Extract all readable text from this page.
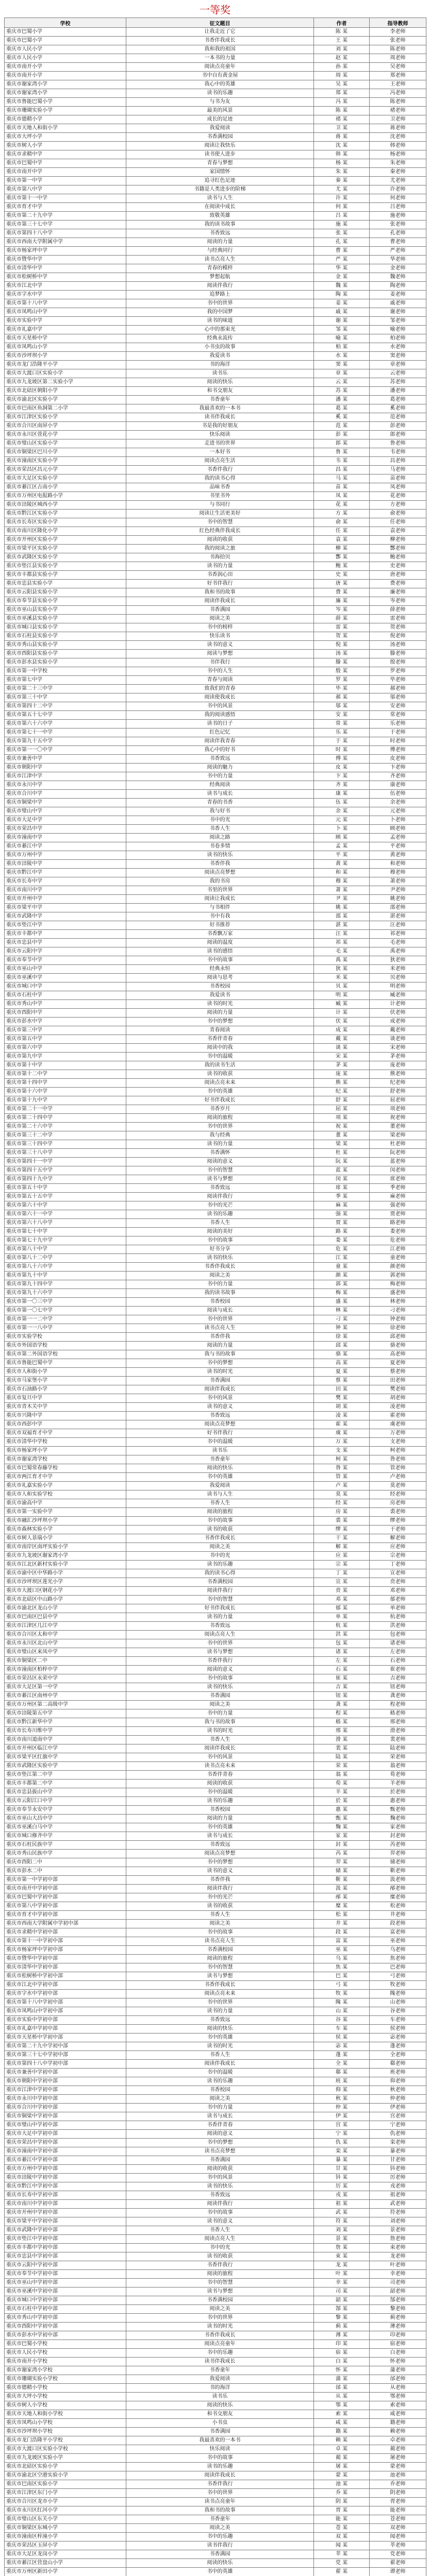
一等奖
学校	征文题目	作者	指导教师
重庆市巴蜀小学	让我走近了它	陈 某	李老师
重庆市巴蜀小学	书香伴我成长	王 某	张老师
重庆市人民小学	我和我的祖国	刘 某	陈老师
重庆市人民小学	一本书的力量	赵 某	周老师
重庆市南开小学	阅读点亮童年	孙 某	吴老师
重庆市南开小学	书中自有黄金屋	周 某	郑老师
重庆市谢家湾小学	我心中的英雄	吴 某	王老师
重庆市谢家湾小学	读书的乐趣	郑 某	冯老师
重庆市鲁能巴蜀小学	与书为友	冯 某	陈老师
重庆市珊瑚实验小学	最美的风景	陈 某	褚老师
重庆市德精小学	成长的足迹	褚 某	卫老师
重庆市天地人和街小学	我爱阅读	卫 某	蒋老师
重庆市大坪小学	书香满校园	蒋 某	沈老师
重庆市树人小学	阅读让我快乐	沈 某	韩老师
重庆市求精中学	读书使人进步	韩 某	杨老师
重庆市巴蜀中学	青春与梦想	杨 某	朱老师
重庆市南开中学	家国情怀	朱 某	秦老师
重庆市第一中学	追寻红色足迹	秦 某	尤老师
重庆市第八中学	书籍是人类进步的阶梯	尤 某	许老师
重庆市第十一中学	读书与人生	许 某	何老师
重庆市育才中学	在阅读中成长	何 某	吕老师
重庆市第二十九中学	致敬英雄	吕 某	施老师
重庆市第三十七中学	我的读书故事	施 某	张老师
重庆市第四十八中学	书香致远	张 某	孔老师
重庆市西南大学附属中学	阅读的力量	孔 某	曹老师
重庆市杨家坪中学	与经典同行	曹 某	严老师
重庆市暨华中学	读书点亮人生	严 某	华老师
重庆市清华中学	青春的模样	华 某	金老师
重庆市松树桥中学	梦想起航	金 某	魏老师
重庆市江北中学	阅读伴我行	魏 某	陶老师
重庆市字水中学	追梦路上	陶 某	姜老师
重庆市第十八中学	书中的世界	姜 某	戚老师
重庆市凤鸣山中学	我的中国梦	戚 某	谢老师
重庆市实验中学	读书的味道	谢 某	邹老师
重庆市礼嘉中学	心中的那束光	邹 某	喻老师
重庆市天星桥中学	经典永流传	喻 某	柏老师
重庆市凤鸣山小学	小书虫的故事	柏 某	水老师
重庆市沙坪坝小学	我爱读书	水 某	窦老师
重庆市龙门浩隆平小学	书的海洋	窦 某	章老师
重庆市大渡口区实验小学	读书乐	章 某	云老师
重庆市九龙坡区第二实验小学	阅读的快乐	云 某	苏老师
重庆市北碚区朝阳小学	和书交朋友	苏 某	潘老师
重庆市渝北区实验小学	书香童年	潘 某	葛老师
重庆市巴南区鱼洞第二小学	我最喜欢的一本书	葛 某	奚老师
重庆市江津区实验小学	读书伴我成长	奚 某	范老师
重庆市合川区南屏小学	书是我的好朋友	范 某	彭老师
重庆市永川区萱花小学	快乐阅读	彭 某	郎老师
重庆市璧山区实验小学	走进书的世界	郎 某	鲁老师
重庆市铜梁区巴川小学	一本好书	鲁 某	韦老师
重庆市潼南区实验小学	阅读点亮生活	韦 某	昌老师
重庆市荣昌区昌元小学	书香伴我行	昌 某	马老师
重庆市大足区实验小学	我的读书心得	马 某	苗老师
重庆市綦江区古南小学	品味书香	苗 某	凤老师
重庆市万州区电报路小学	书里书外	凤 某	花老师
重庆市涪陵区城西小学	与书同行	花 某	方老师
重庆市黔江区实验小学	阅读让生活更美好	方 某	俞老师
重庆市长寿区实验小学	书中的智慧	俞 某	任老师
重庆市南川区隆化小学	红色经典伴我成长	任 某	袁老师
重庆市开州区实验小学	阅读的收获	袁 某	柳老师
重庆市梁平区实验小学	我的阅读之旅	柳 某	酆老师
重庆市武隆区实验小学	书海拾贝	酆 某	鲍老师
重庆市垫江县实验小学	读书的力量	鲍 某	史老师
重庆市丰都县实验小学	书香润心田	史 某	唐老师
重庆市忠县实验小学	好书伴我行	唐 某	费老师
重庆市云阳县实验小学	我和书的故事	费 某	廉老师
重庆市奉节县实验小学	阅读伴我成长	廉 某	岑老师
重庆市巫山县实验小学	书香满园	岑 某	薛老师
重庆市巫溪县实验小学	阅读之美	薛 某	雷老师
重庆市城口县实验小学	书中的榜样	雷 某	贺老师
重庆市石柱县实验小学	快乐读书	贺 某	倪老师
重庆市秀山县实验小学	读书的意义	倪 某	汤老师
重庆市酉阳县实验小学	阅读与梦想	汤 某	滕老师
重庆市彭水县实验小学	书伴我行	滕 某	殷老师
重庆市第一中学校	书中的人生	殷 某	罗老师
重庆市第七中学	青春与阅读	罗 某	毕老师
重庆市第二十三中学	致我们的青春	毕 某	郝老师
重庆市第三十中学	阅读使我成长	郝 某	邬老师
重庆市第四十二中学	书中的风景	邬 某	安老师
重庆市第五十七中学	我的阅读感悟	安 某	常老师
重庆市第六十六中学	读书的日子	常 某	乐老师
重庆市第七十一中学	红色记忆	乐 某	于老师
重庆市第九十五中学	阅读伴我青春	于 某	时老师
重庆市第一一〇中学	我心中的好书	时 某	傅老师
重庆市兼善中学	书香致远	傅 某	皮老师
重庆市朝阳中学	阅读的魅力	皮 某	卞老师
重庆市江津中学	书中的力量	卞 某	齐老师
重庆市永川中学	经典阅读	齐 某	康老师
重庆市合川中学	读书与成长	康 某	伍老师
重庆市铜梁中学	青春的书香	伍 某	余老师
重庆市璧山中学	我与好书	余 某	元老师
重庆市大足中学	书中的光	元 某	卜老师
重庆市荣昌中学	书香人生	卜 某	顾老师
重庆市潼南中学	阅读之路	顾 某	孟老师
重庆市綦江中学	书卷多情	孟 某	平老师
重庆市万州中学	读书的快乐	平 某	黄老师
重庆市涪陵中学	书香伴我	黄 某	和老师
重庆市黔江中学	阅读点亮梦想	和 某	穆老师
重庆市长寿中学	我的书房	穆 某	萧老师
重庆市南川中学	书里的世界	萧 某	尹老师
重庆市开州中学	阅读让我成长	尹 某	姚老师
重庆市梁平中学	与书相伴	姚 某	邵老师
重庆市武隆中学	书中有我	邵 某	湛老师
重庆市垫江中学	好书推荐	湛 某	汪老师
重庆市丰都中学	书香飘万家	汪 某	祁老师
重庆市忠县中学	阅读的温度	祁 某	毛老师
重庆市云阳中学	读书的感悟	毛 某	禹老师
重庆市奉节中学	书中的故事	禹 某	狄老师
重庆市巫山中学	经典永恒	狄 某	米老师
重庆市巫溪中学	阅读与思考	米 某	贝老师
重庆市城口中学	书香校园	贝 某	明老师
重庆市石柱中学	我爱读书	明 某	臧老师
重庆市秀山中学	读书的时光	臧 某	计老师
重庆市酉阳中学	阅读的力量	计 某	伏老师
重庆市彭水中学	书中的梦想	伏 某	成老师
重庆市第三中学	青春阅读	成 某	戴老师
重庆市第五中学	书香伴青春	戴 某	谈老师
重庆市第六中学	阅读中的我	谈 某	宋老师
重庆市第九中学	书中的温暖	宋 某	茅老师
重庆市第十中学	我的读书生活	茅 某	庞老师
重庆市第十二中学	读书的收获	庞 某	熊老师
重庆市第十四中学	阅读点亮未来	熊 某	纪老师
重庆市第十六中学	书中的英雄	纪 某	舒老师
重庆市第十九中学	好书伴我成长	舒 某	屈老师
重庆市第二十一中学	书香岁月	屈 某	项老师
重庆市第二十四中学	阅读的旅程	项 某	祝老师
重庆市第二十六中学	书中的世界	祝 某	董老师
重庆市第三十二中学	我与经典	董 某	梁老师
重庆市第三十四中学	读书的力量	梁 某	杜老师
重庆市第三十八中学	书香满怀	杜 某	阮老师
重庆市第四十一中学	阅读的意义	阮 某	蓝老师
重庆市第四十五中学	书中的智慧	蓝 某	闵老师
重庆市第四十九中学	读书与梦想	闵 某	席老师
重庆市第五十中学	书香致远	席 某	季老师
重庆市第五十五中学	阅读伴我行	季 某	麻老师
重庆市第六十中学	书中的光芒	麻 某	强老师
重庆市第六十一中学	读书的乐趣	强 某	贾老师
重庆市第六十八中学	书香人生	贾 某	路老师
重庆市第七十中学	阅读的美好	路 某	娄老师
重庆市第七十九中学	书中的故事	娄 某	危老师
重庆市第八十中学	好书分享	危 某	江老师
重庆市第八十二中学	读书的快乐	江 某	童老师
重庆市第八十六中学	书香伴我成长	童 某	颜老师
重庆市第九十中学	阅读之美	颜 某	郭老师
重庆市第九十四中学	书中的力量	郭 某	梅老师
重庆市第九十六中学	我的读书故事	梅 某	盛老师
重庆市第一〇三中学	书香校园	盛 某	林老师
重庆市第一〇七中学	阅读与成长	林 某	刁老师
重庆市第一一二中学	书中的世界	刁 某	钟老师
重庆市第一一八中学	读书点亮人生	钟 某	徐老师
重庆市实验学校	书香伴我	徐 某	邱老师
重庆市外国语学校	阅读的力量	邱 某	骆老师
重庆市第二外国语学校	我与书的故事	骆 某	高老师
重庆市鲁能巴蜀中学	书中的梦想	高 某	夏老师
重庆市人和街小学	读书的时光	夏 某	蔡老师
重庆市马家堡小学	书香满园	蔡 某	田老师
重庆市石油路小学	阅读伴我成长	田 某	樊老师
重庆市复旦中学	书中的风景	樊 某	胡老师
重庆市青木关中学	读书的意义	胡 某	凌老师
重庆市兴隆中学	书香致远	凌 某	霍老师
重庆市西彭中学	阅读点亮梦想	霍 某	虞老师
重庆市双福育才中学	好书伴我行	虞 某	万老师
重庆市清华中学校	书中的温暖	万 某	支老师
重庆市杨家坪小学	读书乐	支 某	柯老师
重庆市谢家湾学校	书香童年	柯 某	昝老师
重庆市巴蜀常春藤学校	阅读的快乐	昝 某	管老师
重庆市两江育才中学	书中的英雄	管 某	卢老师
重庆市礼嘉实验小学	我爱阅读	卢 某	莫老师
重庆市人和实验学校	读书与人生	莫 某	经老师
重庆市渝高中学	书香人生	经 某	房老师
重庆市第一实验中学	阅读的旅程	房 某	裘老师
重庆市融汇沙坪坝小学	书中的故事	裘 某	缪老师
重庆市森林实验小学	读书的收获	缪 某	干老师
重庆市树人景瑞小学	书香伴我成长	干 某	解老师
重庆市南岸区南坪实验小学	阅读之美	解 某	应老师
重庆市九龙坡区谢家湾小学	书中的光	应 某	宗老师
重庆市江北区新村实验小学	读书的乐趣	宗 某	丁老师
重庆市渝中区中华路小学	我的读书心得	丁 某	宣老师
重庆市沙坪坝区莲光小学	书香满校园	宣 某	贲老师
重庆市大渡口区钢花小学	阅读伴我行	贲 某	邓老师
重庆市北碚区中山路小学	书中的智慧	邓 某	郁老师
重庆市渝北区龙山小学	好书伴我成长	郁 某	单老师
重庆市巴南区巴县中学	读书的力量	单 某	杭老师
重庆市江津区几江中学	书香致远	杭 某	洪老师
重庆市合川区太和中学	阅读点亮人生	洪 某	包老师
重庆市永川区北山中学	书中的世界	包 某	诸老师
重庆市璧山区来凤中学	读书与梦想	诸 某	左老师
重庆市铜梁区二中	书香伴我行	左 某	石老师
重庆市潼南区柏梓中学	阅读的意义	石 某	崔老师
重庆市荣昌区永荣中学	书中的故事	崔 某	吉老师
重庆市大足区第一中学	读书的快乐	吉 某	钮老师
重庆市綦江区南州中学	书香满园	钮 某	龚老师
重庆市万州区第二高级中学	阅读之美	龚 某	程老师
重庆市涪陵第五中学	书中的力量	程 某	嵇老师
重庆市黔江新华中学	我与书的故事	嵇 某	邢老师
重庆市长寿川维中学	读书的时光	邢 某	滑老师
重庆市南川道南中学	书香人生	滑 某	裴老师
重庆市开州区临江中学	阅读伴我成长	裴 某	陆老师
重庆市梁平区红旗中学	书中的风景	陆 某	荣老师
重庆市武隆区实验中学	读书点亮未来	荣 某	翁老师
重庆市垫江第二中学	书香伴青春	翁 某	荀老师
重庆市丰都第二中学	阅读的收获	荀 某	羊老师
重庆市忠县拔山中学	书中的温暖	羊 某	於老师
重庆市云阳江口中学	读书的乐趣	於 某	惠老师
重庆市奉节永安中学	书香校园	惠 某	甄老师
重庆市巫山大昌中学	阅读的力量	甄 某	麴老师
重庆市巫溪白马中学	书中的英雄	麴 某	家老师
重庆市城口修齐中学	读书与成长	家 某	封老师
重庆市石柱民族中学	书香致远	封 某	芮老师
重庆市秀山民族中学	阅读点亮梦想	芮 某	羿老师
重庆市酉阳二中	书中的梦想	羿 某	储老师
重庆市彭水二中	读书的意义	储 某	靳老师
重庆市第一中学初中部	书香伴我	靳 某	汲老师
重庆市南开中学初中部	阅读伴我行	汲 某	邴老师
重庆市巴蜀中学初中部	书中的光芒	邴 某	糜老师
重庆市第八中学初中部	读书的收获	糜 某	松老师
重庆市育才中学初中部	书香人生	松 某	井老师
重庆市西南大学附属中学初中部	阅读之美	井 某	段老师
重庆市求精中学初中部	书中的故事	段 某	富老师
重庆市第十一中学初中部	读书点亮人生	富 某	巫老师
重庆市杨家坪中学初中部	书香满校园	巫 某	乌老师
重庆市暨华中学初中部	阅读的旅程	乌 某	焦老师
重庆市清华中学初中部	书中的智慧	焦 某	巴老师
重庆市松树桥中学初中部	读书与梦想	巴 某	弓老师
重庆市江北中学初中部	书香伴我成长	弓 某	牧老师
重庆市字水中学初中部	阅读点亮未来	牧 某	隗老师
重庆市第十八中学初中部	书中的世界	隗 某	山老师
重庆市凤鸣山中学初中部	读书的力量	山 某	谷老师
重庆市实验中学初中部	书香致远	谷 某	车老师
重庆市礼嘉中学初中部	阅读的快乐	车 某	侯老师
重庆市天星桥中学初中部	书中的英雄	侯 某	宓老师
重庆市第二十九中学初中部	读书的时光	宓 某	蓬老师
重庆市第三十七中学初中部	书香人生	蓬 某	全老师
重庆市第四十八中学初中部	阅读伴我成长	全 某	郗老师
重庆市兼善中学初中部	书中的温暖	郗 某	班老师
重庆市朝阳中学初中部	读书的乐趣	班 某	仰老师
重庆市江津中学初中部	书香校园	仰 某	秋老师
重庆市永川中学初中部	阅读之美	秋 某	仲老师
重庆市合川中学初中部	书中的力量	仲 某	伊老师
重庆市铜梁中学初中部	读书与成长	伊 某	宫老师
重庆市璧山中学初中部	书香伴青春	宫 某	宁老师
重庆市大足中学初中部	阅读的意义	宁 某	仇老师
重庆市荣昌中学初中部	书中的梦想	仇 某	栾老师
重庆市潼南中学初中部	读书点亮梦想	栾 某	暴老师
重庆市綦江中学初中部	书香满园	暴 某	甘老师
重庆市万州中学初中部	阅读的收获	甘 某	钭老师
重庆市涪陵中学初中部	书中的风景	钭 某	厉老师
重庆市黔江中学初中部	读书的快乐	厉 某	戎老师
重庆市长寿中学初中部	书香致远	戎 某	祖老师
重庆市南川中学初中部	阅读伴我行	祖 某	武老师
重庆市开州中学初中部	书中的故事	武 某	符老师
重庆市梁平中学初中部	读书的意义	符 某	刘老师
重庆市武隆中学初中部	书香人生	刘 某	景老师
重庆市垫江中学初中部	阅读点亮人生	景 某	詹老师
重庆市丰都中学初中部	书中的光	詹 某	束老师
重庆市忠县中学初中部	读书的收获	束 某	龙老师
重庆市云阳中学初中部	书香伴我行	龙 某	叶老师
重庆市奉节中学初中部	阅读的旅程	叶 某	幸老师
重庆市巫山中学初中部	书中的智慧	幸 某	司老师
重庆市巫溪中学初中部	读书与梦想	司 某	韶老师
重庆市城口中学初中部	书香满校园	韶 某	郜老师
重庆市石柱中学初中部	阅读之美	郜 某	黎老师
重庆市秀山中学初中部	书中的世界	黎 某	蓟老师
重庆市酉阳中学初中部	读书的时光	蓟 某	薄老师
重庆市彭水中学初中部	书香伴我成长	薄 某	印老师
重庆市巴蜀小学校	阅读点亮童年	印 某	宿老师
重庆市人民小学校	书中的乐趣	宿 某	白老师
重庆市南开小学校	读书伴我成长	白 某	怀老师
重庆市谢家湾小学校	书香童年	怀 某	蒲老师
重庆市珊瑚实验小学校	我爱阅读	蒲 某	邰老师
重庆市德精小学校	书的海洋	邰 某	从老师
重庆市大坪小学校	读书乐	从 某	鄂老师
重庆市树人小学校	阅读的快乐	鄂 某	索老师
重庆市天地人和街小学校	和书交朋友	索 某	咸老师
重庆市凤鸣山小学校	小书虫	咸 某	籍老师
重庆市沙坪坝小学校	书香满园	籍 某	赖老师
重庆市龙门浩隆平小学校	我最喜欢的一本书	赖 某	卓老师
重庆市大渡口区实验小学校	快乐阅读	卓 某	蔺老师
重庆市九龙坡区实验小学	书中的故事	蔺 某	屠老师
重庆市北碚区实验小学	读书的乐趣	屠 某	蒙老师
重庆市渝北区空港实验小学	阅读伴我成长	蒙 某	池老师
重庆市巴南区实验小学	书香伴我行	池 某	乔老师
重庆市江津区东门小学	书中的世界	乔 某	阴老师
重庆市合川区龙市小学	读书点亮童年	阴 某	胥老师
重庆市永川区红河小学	我和书的故事	胥 某	能老师
重庆市璧山区东关小学	书香童年	能 某	苍老师
重庆市铜梁区东城小学	阅读之美	苍 某	双老师
重庆市潼南区梓潼小学	书中的乐趣	双 某	闻老师
重庆市荣昌区玉屏小学	读书伴我行	闻 某	莘老师
重庆市大足区龙岗小学	书香满园	莘 某	党老师
重庆市綦江区营盘山小学	阅读的快乐	党 某	翟老师
重庆市万州区新田小学	书中的英雄	翟 某	谭老师
